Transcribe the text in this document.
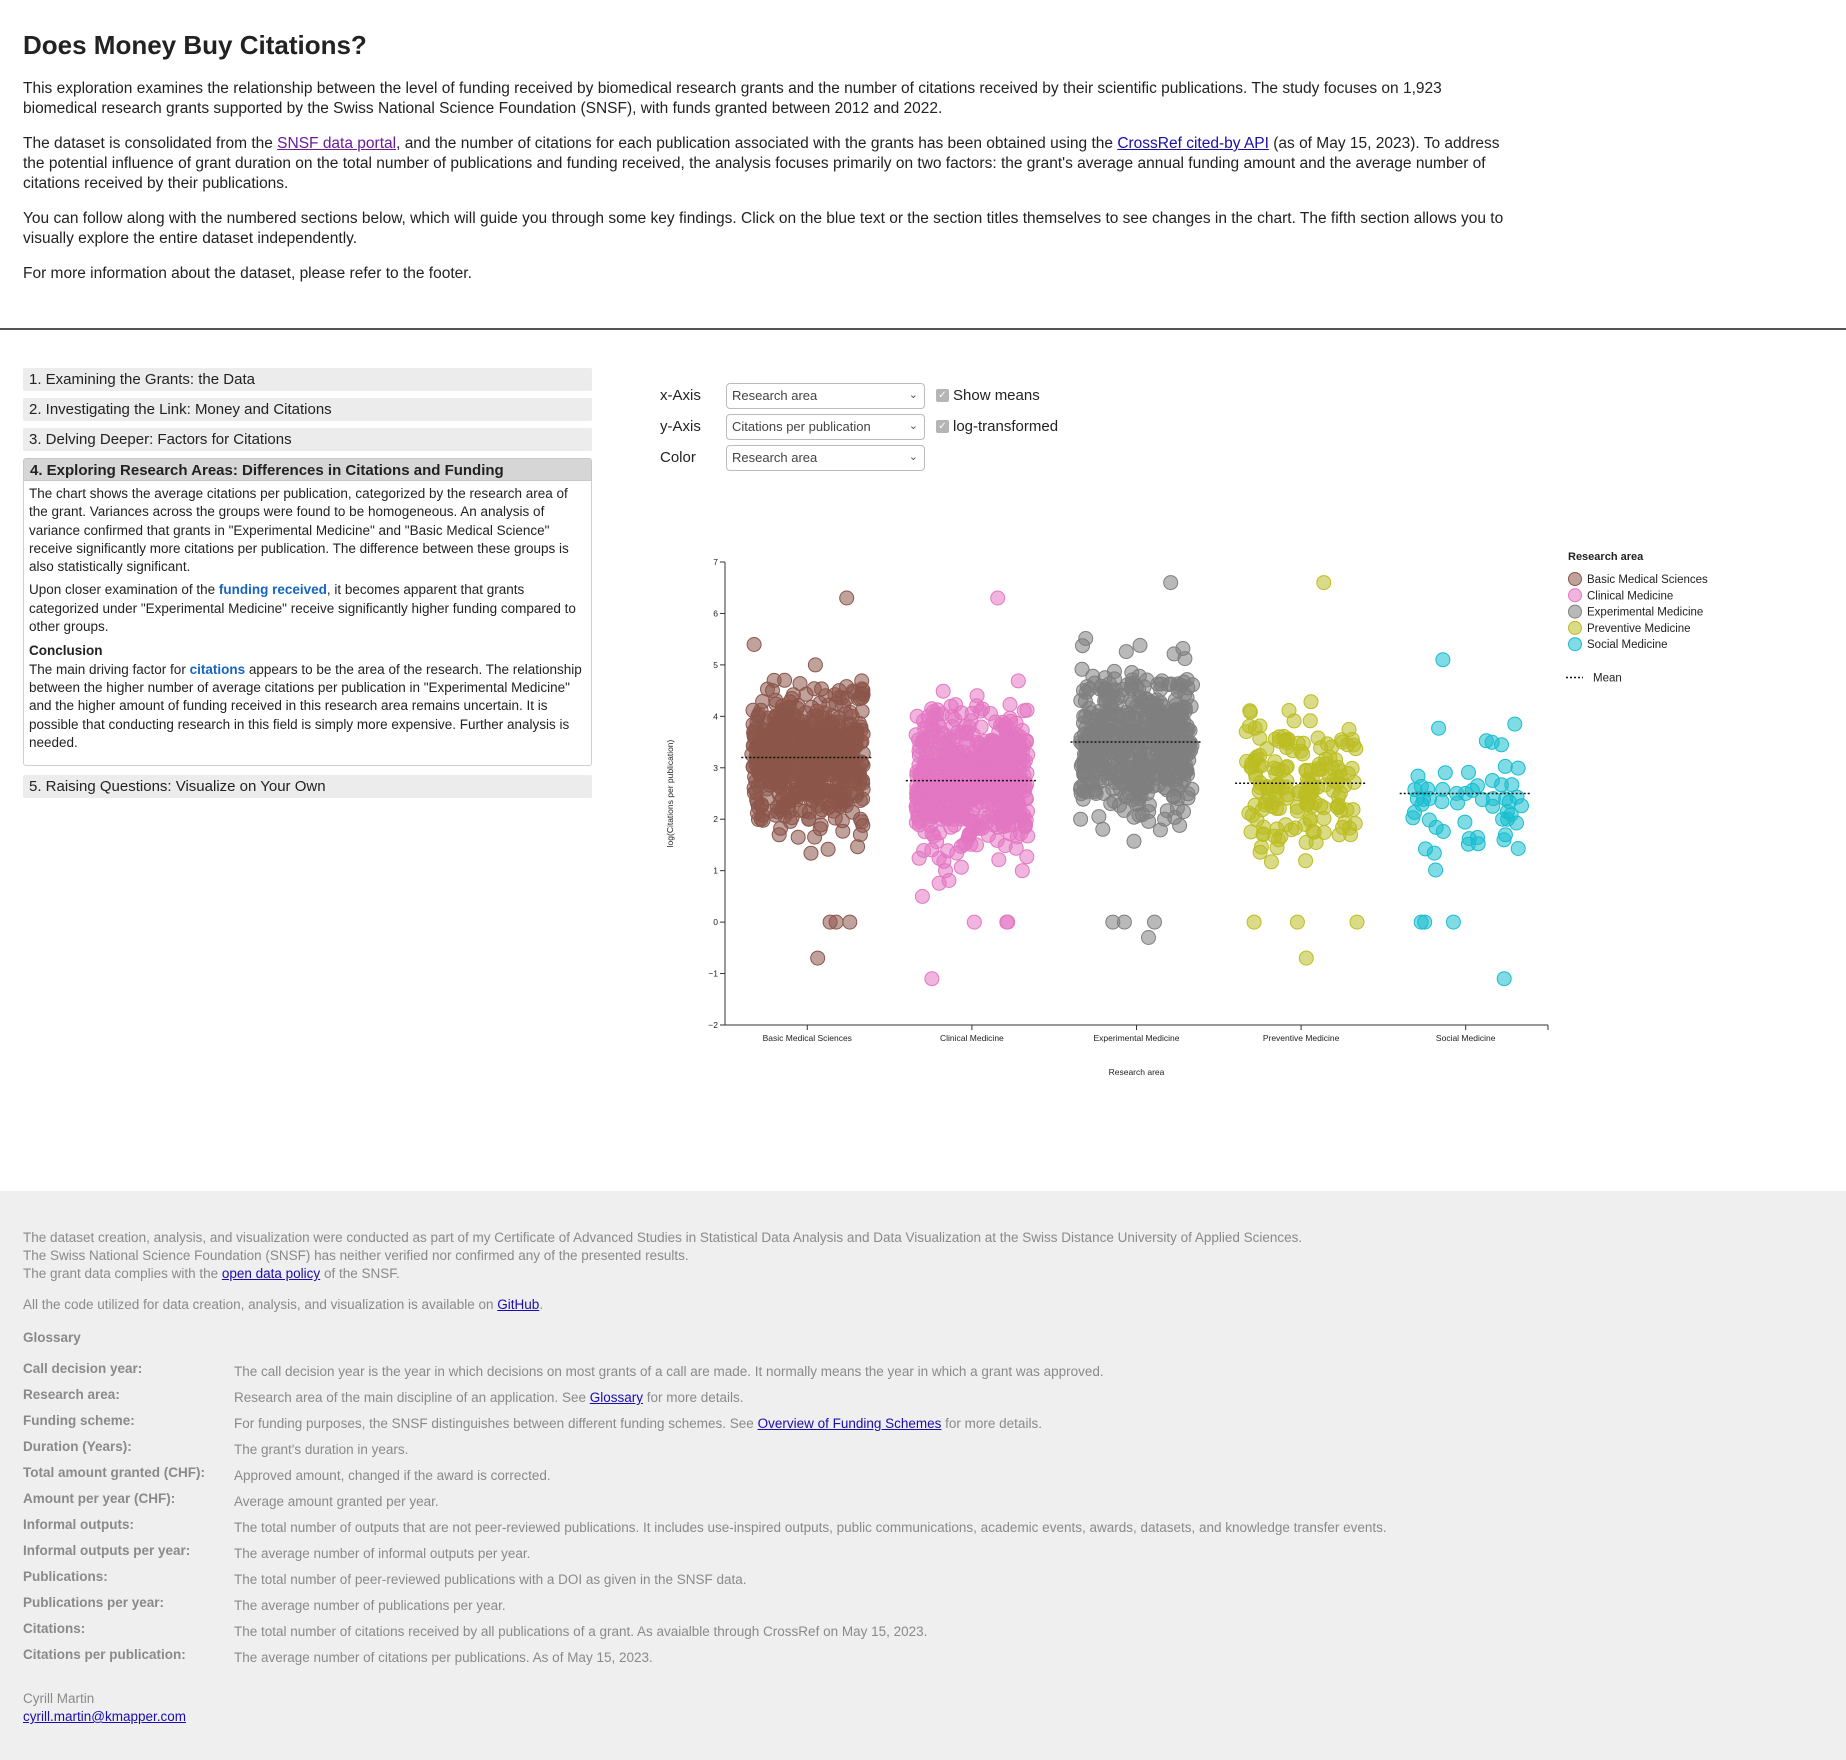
Does Money Buy Citations?

This exploration examines the relationship between the level of funding received by biomedical research grants and the number of citations received by their scientific publications. The study focuses on 1,923 biomedical research grants supported by the Swiss National Science Foundation (SNSF), with funds granted between 2012 and 2022.

The dataset is consolidated from the SNSF data portal, and the number of citations for each publication associated with the grants has been obtained using the CrossRef cited-by API (as of May 15, 2023). To address the potential influence of grant duration on the total number of publications and funding received, the analysis focuses primarily on two factors: the grant's average annual funding amount and the average number of citations received by their publications.

You can follow along with the numbered sections below, which will guide you through some key findings. Click on the blue text or the section titles themselves to see changes in the chart. The fifth section allows you to visually explore the entire dataset independently.

For more information about the dataset, please refer to the footer.

1. Examining the Grants: the Data
2. Investigating the Link: Money and Citations
3. Delving Deeper: Factors for Citations
4. Exploring Research Areas: Differences in Citations and Funding

The chart shows the average citations per publication, categorized by the research area of the grant. Variances across the groups were found to be homogeneous. An analysis of variance confirmed that grants in "Experimental Medicine" and "Basic Medical Science" receive significantly more citations per publication. The difference between these groups is also statistically significant.

Upon closer examination of the funding received, it becomes apparent that grants categorized under "Experimental Medicine" receive significantly higher funding compared to other groups.

Conclusion

The main driving factor for citations appears to be the area of the research. The relationship between the higher number of average citations per publication in "Experimental Medicine" and the higher amount of funding received in this research area remains uncertain. It is possible that conducting research in this field is simply more expensive. Further analysis is needed.

5. Raising Questions: Visualize on Your Own
x-Axis	Research area	⌄ ✓ Show means
y-Axis	Citations per publication	⌄ ✓ log-transformed
Color	Research area	⌄
−2
−1
0
1
2
3
4
5
6
7
Basic Medical Sciences	Clinical Medicine	Experimental Medicine	Preventive Medicine	Social Medicine
Research area
log(Citations per publication)
Research area
Basic Medical Sciences
Clinical Medicine
Experimental Medicine
Preventive Medicine
Social Medicine
Mean

The dataset creation, analysis, and visualization were conducted as part of my Certificate of Advanced Studies in Statistical Data Analysis and Data Visualization at the Swiss Distance University of Applied Sciences.

The Swiss National Science Foundation (SNSF) has neither verified nor confirmed any of the presented results.

The grant data complies with the open data policy of the SNSF.

All the code utilized for data creation, analysis, and visualization is available on GitHub.

Glossary
Call decision year:	The call decision year is the year in which decisions on most grants of a call are made. It normally means the year in which a grant was approved.
Research area:	Research area of the main discipline of an application. See Glossary for more details.
Funding scheme:	For funding purposes, the SNSF distinguishes between different funding schemes. See Overview of Funding Schemes for more details.
Duration (Years):	The grant's duration in years.
Total amount granted (CHF):	Approved amount, changed if the award is corrected.
Amount per year (CHF):	Average amount granted per year.
Informal outputs:	The total number of outputs that are not peer-reviewed publications. It includes use-inspired outputs, public communications, academic events, awards, datasets, and knowledge transfer events.
Informal outputs per year:	The average number of informal outputs per year.
Publications:	The total number of peer-reviewed publications with a DOI as given in the SNSF data.
Publications per year:	The average number of publications per year.
Citations:	The total number of citations received by all publications of a grant. As avaialble through CrossRef on May 15, 2023.
Citations per publication:	The average number of citations per publications. As of May 15, 2023.
Cyrill Martin
cyrill.martin@kmapper.com
